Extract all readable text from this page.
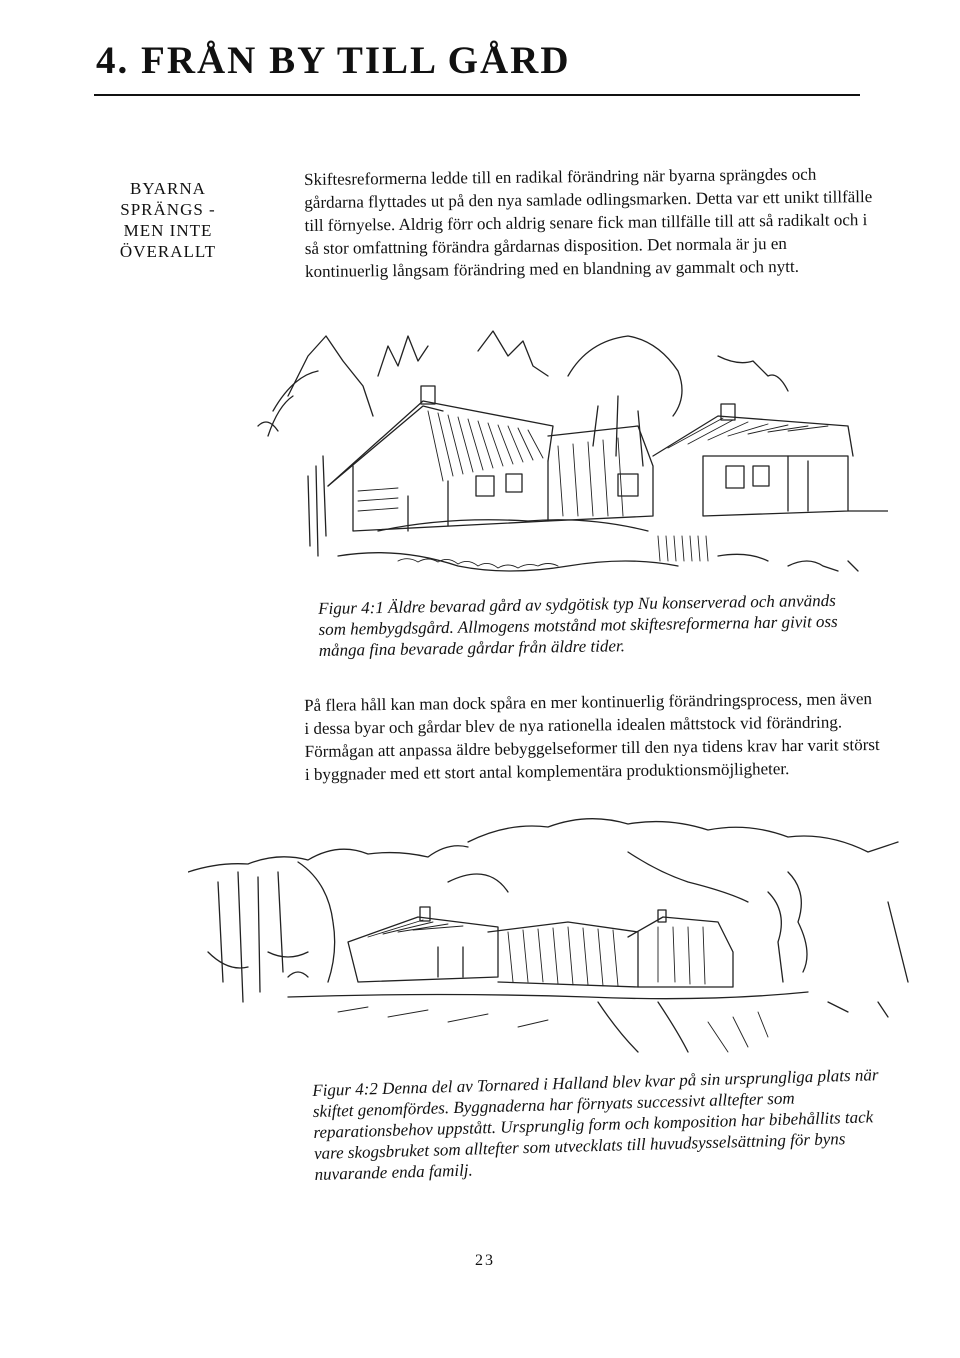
4. FRÅN BY TILL GÅRD
BYARNA
SPRÄNGS -
MEN INTE
ÖVERALLT
Skiftesreformerna ledde till en radikal förändring när byarna sprängdes och gårdarna flyttades ut på den nya samlade odlingsmarken. Detta var ett unikt tillfälle till förnyelse. Aldrig förr och aldrig senare fick man tillfälle till att så radikalt och i så stor omfattning förändra gårdarnas disposition. Det normala är ju en kontinuerlig långsam förändring med en blandning av gammalt och nytt.
Figur 4:1 Äldre bevarad gård av sydgötisk typ Nu konserverad och används som hembygdsgård. Allmogens motstånd mot skiftesreformerna har givit oss många fina bevarade gårdar från äldre tider.
På flera håll kan man dock spåra en mer kontinuerlig förändringsprocess, men även i dessa byar och gårdar blev de nya rationella idealen måttstock vid förändring. Förmågan att anpassa äldre bebyggelseformer till den nya tidens krav har varit störst i byggnader med ett stort antal komplementära produktionsmöjligheter.
Figur 4:2 Denna del av Tornared i Halland blev kvar på sin ursprungliga plats när skiftet genomfördes. Byggnaderna har förnyats successivt alltefter som reparationsbehov uppstått. Ursprunglig form och komposition har bibehållits tack vare skogsbruket som alltefter som utvecklats till huvudsysselsättning för byns nuvarande enda familj.
23
